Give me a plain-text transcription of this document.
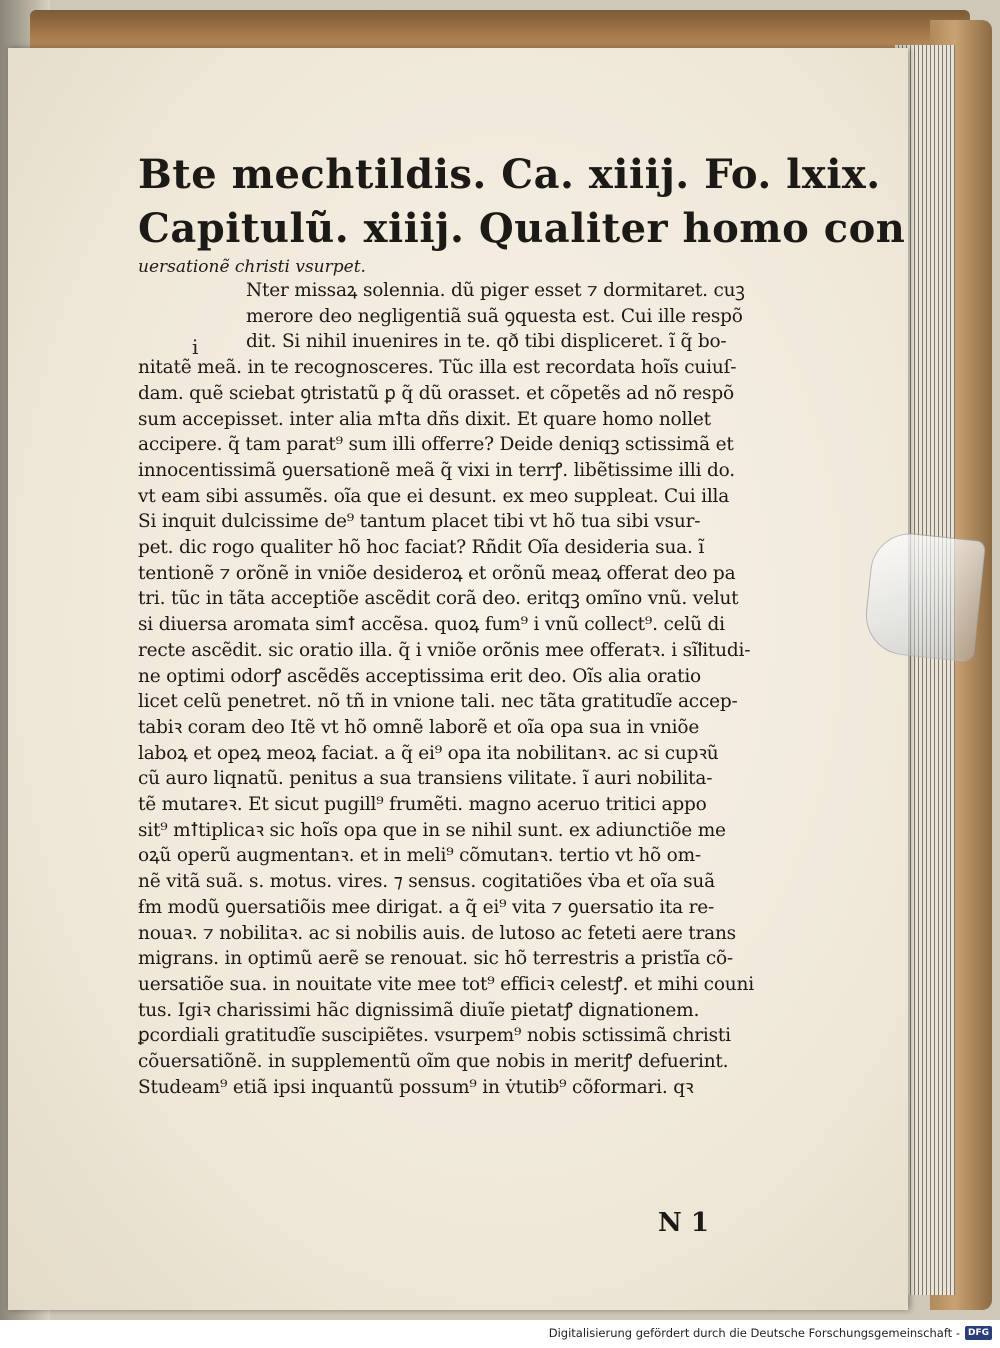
Bte mechtildis. Ca. xiiij. Fo. lxix.
Capitulũ. xiiij. Qualiter homo con
uersationẽ christi vsurpet.
Nter missaꝝ solennia. dũ piger esset ⁊ dormitaret. cuꝫ
merore deo negligentiã suã ꝯquesta est. Cui ille respõ
dit. Si nihil inuenires in te. qð tibi displiceret. ĩ q̃ bo-
nitatẽ meã. in te recognosceres. Tũc illa est recordata hoĩs cuiuſ-
dam. quẽ sciebat ꝯtristatũ ꝑ q̃ dũ orasset. et cõpetẽs ad nõ respõ
sum accepisset. inter alia mꝉta dñs dixit. Et quare homo nollet
accipere. q̃ tam parat⁹ sum illi offerre? Deide deniqꝫ sctissimã et
innocentissimã ꝯuersationẽ meã q̃ vixi in terrꝭ. libẽtissime illi do.
vt eam sibi assumẽs. oĩa que ei desunt. ex meo suppleat. Cui illa
Si inquit dulcissime de⁹ tantum placet tibi vt hõ tua sibi vsur-
pet. dic rogo qualiter hõ hoc faciat? Rñdit Oĩa desideria sua. ĩ
tentionẽ ⁊ orõnẽ in vniõe desideroꝝ et orõnũ meaꝝ offerat deo pa
tri. tũc in tãta acceptiõe ascẽdit corã deo. eritqꝫ omĩno vnũ. velut
si diuersa aromata simꝉ accẽsa. quoꝝ fum⁹ i vnũ collect⁹. celũ di
recte ascẽdit. sic oratio illa. q̃ i vniõe orõnis mee offeratꝛ. i sĩꝉitudi-
ne optimi odorꝭ ascẽdẽs acceptissima erit deo. Oĩs alia oratio
licet celũ penetret. nõ tñ in vnione tali. nec tãta gratitudĩe accep-
tabiꝛ coram deo Itẽ vt hõ omnẽ laborẽ et oĩa opa sua in vniõe
laboꝝ et opeꝝ meoꝝ faciat. a q̃ ei⁹ opa ita nobilitanꝛ. ac si cupꝛũ
cũ auro liqnatũ. penitus a sua transiens vilitate. ĩ auri nobilita-
tẽ mutareꝛ. Et sicut pugill⁹ frumẽti. magno aceruo tritici appo
sit⁹ mꝉtiplicaꝛ sic hoĩs opa que in se nihil sunt. ex adiunctiõe me
oꝝũ operũ augmentanꝛ. et in meli⁹ cõmutanꝛ. tertio vt hõ om-
nẽ vitã suã. s. motus. vires. ⁊ sensus. cogitatiões v̇ba et oĩa suã
ẜm modũ ꝯuersatiõis mee dirigat. a q̃ ei⁹ vita ⁊ ꝯuersatio ita re-
nouaꝛ. ⁊ nobilitaꝛ. ac si nobilis auis. de lutoso ac feteti aere trans
migrans. in optimũ aerẽ se renouat. sic hõ terrestris a pristĩa cõ-
uersatiõe sua. in nouitate vite mee tot⁹ efficiꝛ celestꝭ. et mihi couni
tus. Igiꝛ charissimi hãc dignissimã diuĩe pietatꝭ dignationem.
ꝑcordiali gratitudĩe suscipiẽtes. vsurpem⁹ nobis sctissimã christi
cõuersatiõnẽ. in supplementũ oĩm que nobis in meritꝭ defuerint.
Studeam⁹ etiã ipsi inquantũ possum⁹ in v̇tutib⁹ cõformari. qꝛ
i
N 1
Digitalisierung gefördert durch die Deutsche Forschungsgemeinschaft - DFG
